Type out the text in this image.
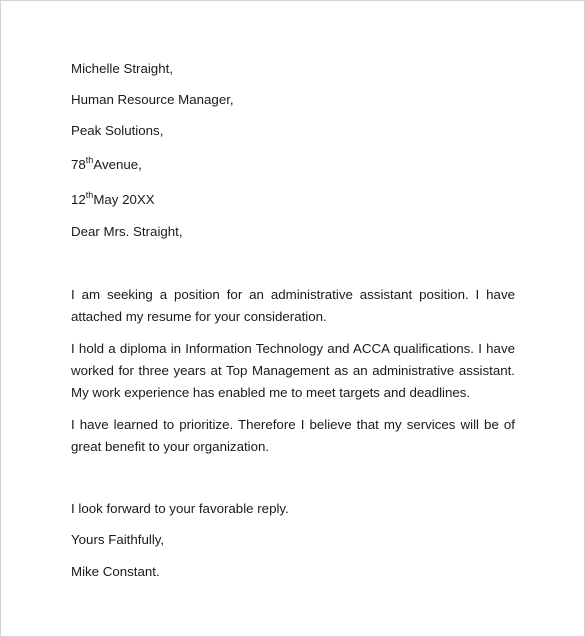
Michelle Straight,
Human Resource Manager,
Peak Solutions,
78thAvenue,
12thMay 20XX
Dear Mrs. Straight,
I am seeking a position for an administrative assistant position. I have
attached my resume for your consideration.
I hold a diploma in Information Technology and ACCA qualifications. I have
worked for three years at Top Management as an administrative assistant.
My work experience has enabled me to meet targets and deadlines.
I have learned to prioritize. Therefore I believe that my services will be of
great benefit to your organization.
I look forward to your favorable reply.
Yours Faithfully,
Mike Constant.
